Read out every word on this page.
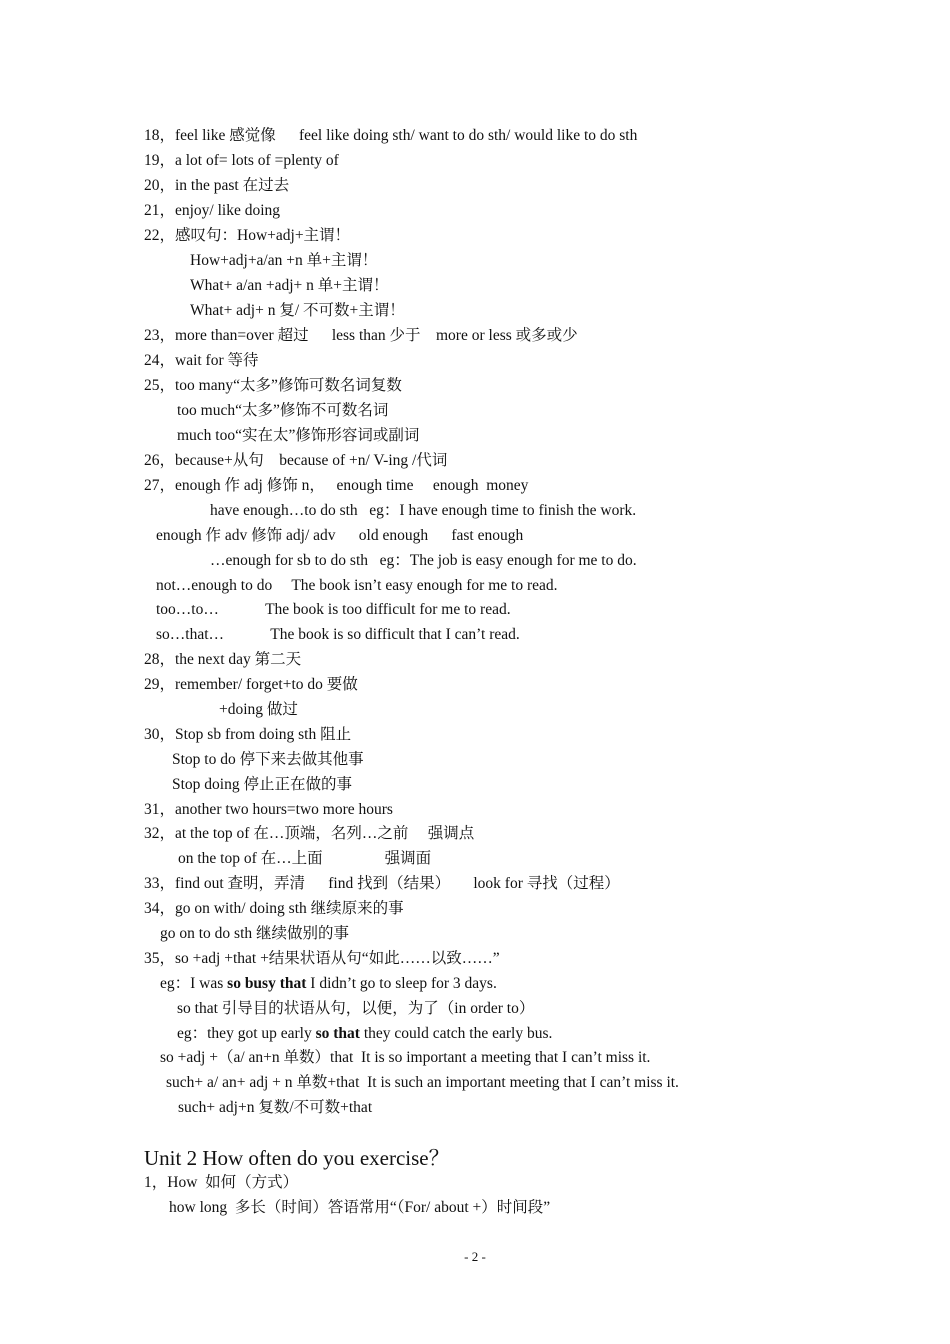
18，feel like 感觉像      feel like doing sth/ want to do sth/ would like to do sth
19，a lot of= lots of =plenty of
20，in the past 在过去
21，enjoy/ like doing
22，感叹句：How+adj+主谓！
How+adj+a/an +n 单+主谓！
What+ a/an +adj+ n 单+主谓！
What+ adj+ n 复/ 不可数+主谓！
23，more than=over 超过      less than 少于    more or less 或多或少
24，wait for 等待
25，too many“太多”修饰可数名词复数
too much“太多”修饰不可数名词
much too“实在太”修饰形容词或副词
26，because+从句    because of +n/ V-ing /代词
27，enough 作 adj 修饰 n，   enough time     enough  money
have enough…to do sth   eg：I have enough time to finish the work.
enough 作 adv 修饰 adj/ adv      old enough      fast enough
…enough for sb to do sth   eg：The job is easy enough for me to do.
not…enough to do     The book isn’t easy enough for me to read.
too…to…            The book is too difficult for me to read.
so…that…            The book is so difficult that I can’t read.
28，the next day 第二天
29，remember/ forget+to do 要做
+doing 做过
30，Stop sb from doing sth 阻止
Stop to do 停下来去做其他事
Stop doing 停止正在做的事
31，another two hours=two more hours
32，at the top of 在…顶端，名列…之前     强调点
on the top of 在…上面                强调面
33，find out 查明，弄清      find 找到（结果）      look for 寻找（过程）
34，go on with/ doing sth 继续原来的事
go on to do sth 继续做别的事
35，so +adj +that +结果状语从句“如此……以致……”
eg：I was so busy that I didn’t go to sleep for 3 days.
so that 引导目的状语从句，以便，为了（in order to）
eg：they got up early so that they could catch the early bus.
so +adj +（a/ an+n 单数）that  It is so important a meeting that I can’t miss it.
such+ a/ an+ adj + n 单数+that  It is such an important meeting that I can’t miss it.
such+ adj+n 复数/不可数+that
Unit 2 How often do you exercise？
1，How  如何（方式）
how long  多长（时间）答语常用“（For/ about +）时间段”
- 2 -
